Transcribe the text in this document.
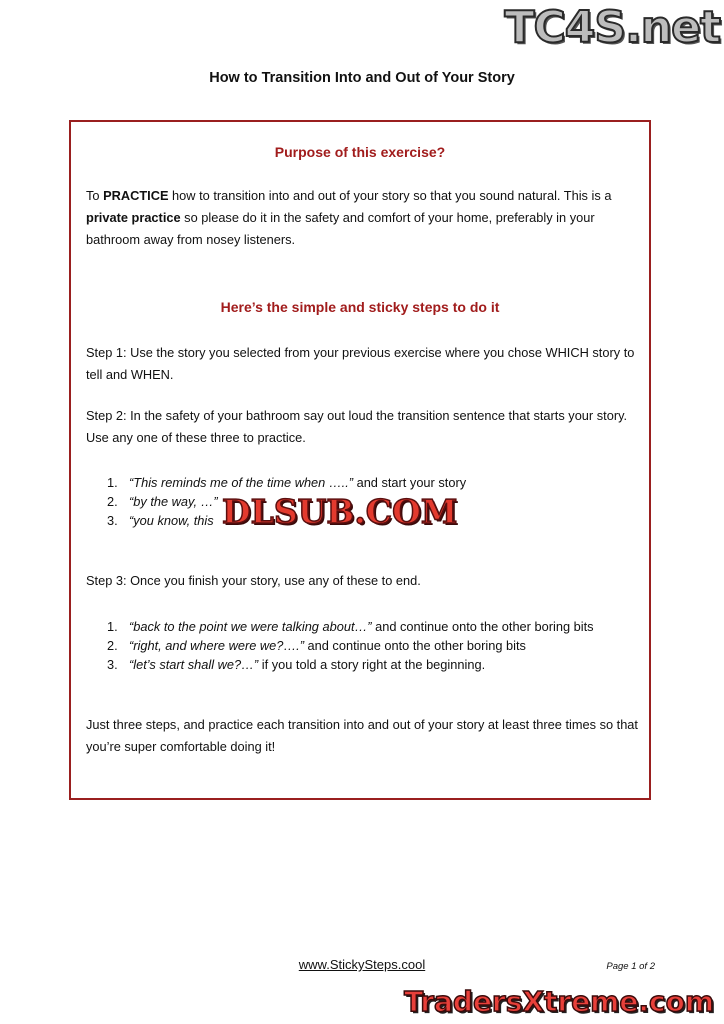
TC4S.net
How to Transition Into and Out of Your Story
Purpose of this exercise?
To PRACTICE how to transition into and out of your story so that you sound natural. This is a private practice so please do it in the safety and comfort of your home, preferably in your bathroom away from nosey listeners.
Here’s the simple and sticky steps to do it
Step 1: Use the story you selected from your previous exercise where you chose WHICH story to tell and WHEN.
Step 2: In the safety of your bathroom say out loud the transition sentence that starts your story. Use any one of these three to practice.
1. “This reminds me of the time when …..” and start your story
2. “by the way, …”
3. “you know, this
Step 3: Once you finish your story, use any of these to end.
1. “back to the point we were talking about…” and continue onto the other boring bits
2. “right, and where were we?….” and continue onto the other boring bits
3. “let’s start shall we?…” if you told a story right at the beginning.
Just three steps, and practice each transition into and out of your story at least three times so that you’re super comfortable doing it!
DLSUB.COM
www.StickySteps.cool	Page 1 of 2
TradersXtreme.com
